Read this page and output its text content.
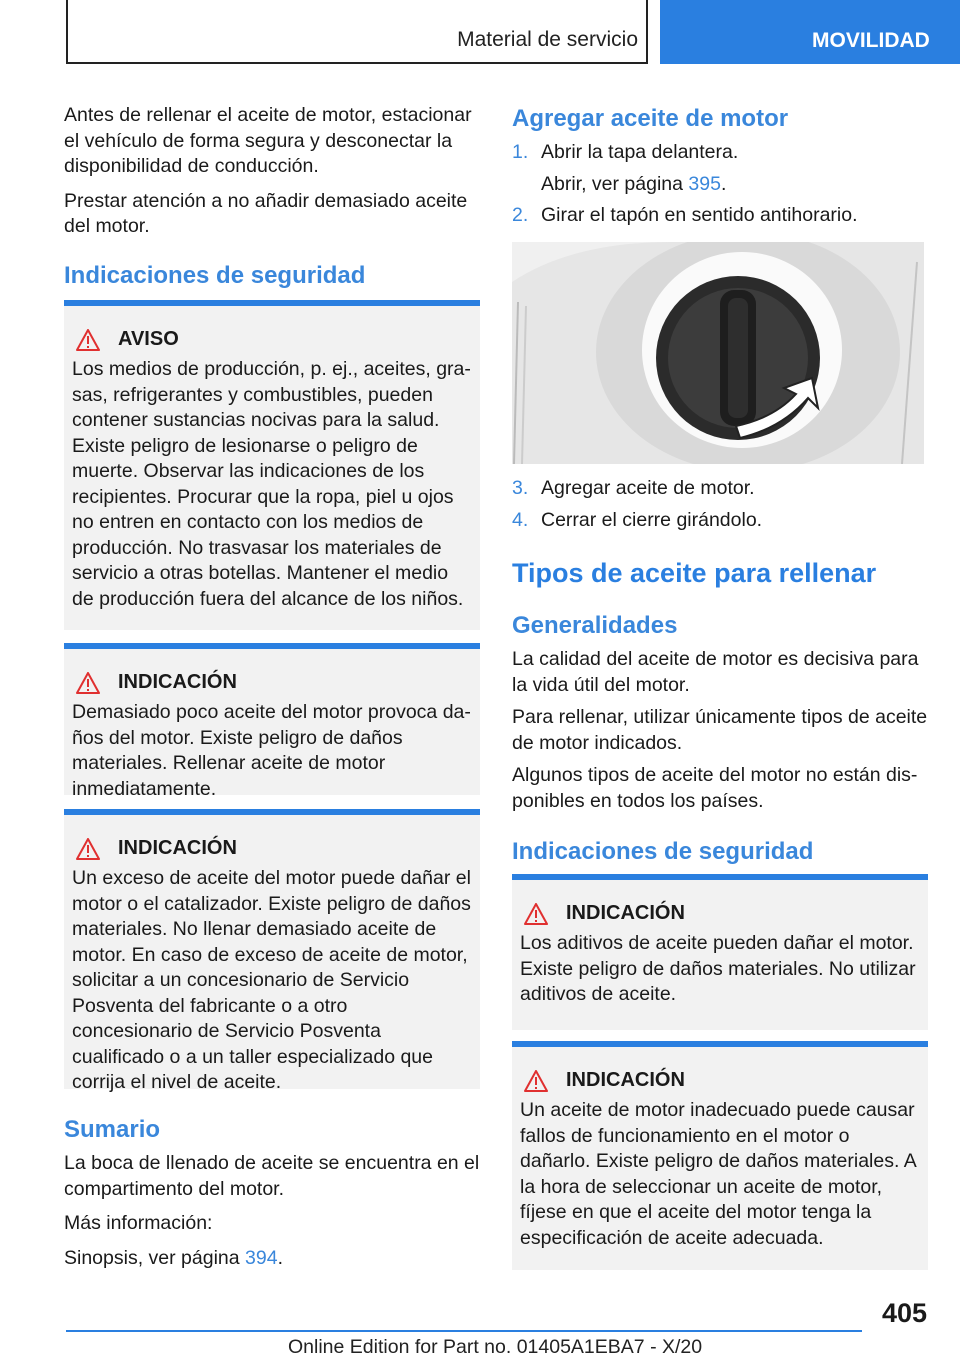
Material de servicio	MOVILIDAD

Antes de rellenar el aceite de motor, estacionar el vehículo de forma segura y desconectar la disponibilidad de conducción.

Prestar atención a no añadir demasiado aceite del motor.

Indicaciones de seguridad
AVISO

Los medios de producción, p. ej., aceites, grasas, refrigerantes y combustibles, pueden contener sustancias nocivas para la salud. Existe peligro de lesionarse o peligro de muerte. Observar las indicaciones de los recipientes. Procurar que la ropa, piel u ojos no entren en contacto con los medios de producción. No trasvasar los materiales de servicio a otras botellas. Mantener el medio de producción fuera del alcance de los niños.

INDICACIÓN

Demasiado poco aceite del motor provoca daños del motor. Existe peligro de daños materiales. Rellenar aceite de motor inmediatamente.

INDICACIÓN

Un exceso de aceite del motor puede dañar el motor o el catalizador. Existe peligro de daños materiales. No llenar demasiado aceite de motor. En caso de exceso de aceite de motor, solicitar a un concesionario de Servicio Posventa del fabricante o a otro concesionario de Servicio Posventa cualificado o a un taller especializado que corrija el nivel de aceite.

Sumario

La boca de llenado de aceite se encuentra en el compartimento del motor.

Más información:

Sinopsis, ver página 394.

Agregar aceite de motor
1. Abrir la tapa delantera.
Abrir, ver página 395.
2. Girar el tapón en sentido antihorario.
3. Agregar aceite de motor.
4. Cerrar el cierre girándolo.
Tipos de aceite para rellenar
Generalidades

La calidad del aceite de motor es decisiva para la vida útil del motor.

Para rellenar, utilizar únicamente tipos de aceite de motor indicados.

Algunos tipos de aceite del motor no están disponibles en todos los países.

Indicaciones de seguridad
INDICACIÓN

Los aditivos de aceite pueden dañar el motor. Existe peligro de daños materiales. No utilizar aditivos de aceite.

INDICACIÓN

Un aceite de motor inadecuado puede causar fallos de funcionamiento en el motor o dañarlo. Existe peligro de daños materiales. A la hora de seleccionar un aceite de motor, fíjese en que el aceite del motor tenga la especificación de aceite adecuada.

405
Online Edition for Part no. 01405A1EBA7 - X/20
